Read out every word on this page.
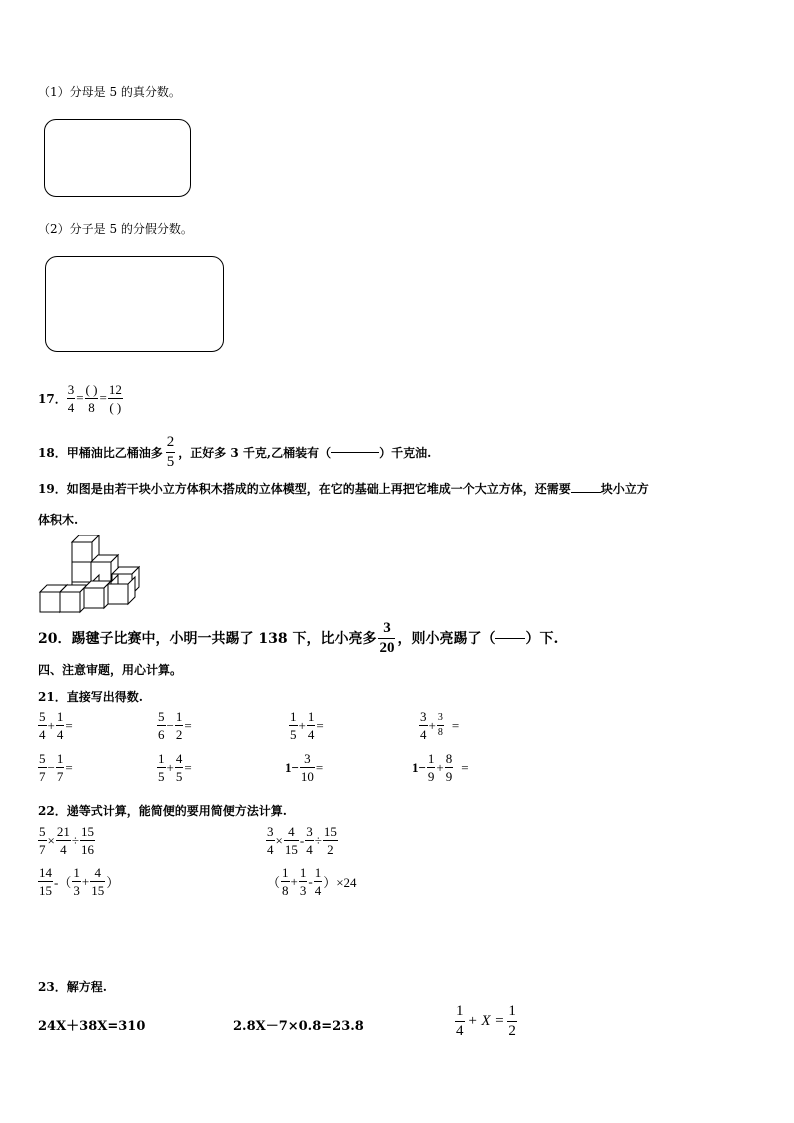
（1）分母是 5 的真分数。
（2）分子是 5 的分假分数。
17． $\frac{3}{4} = \frac{( )}{8} = \frac{12}{( )}$
18． 甲桶油比乙桶油多 $\frac{2}{5}$ ，正好多 3 千克,乙桶装有（	）千克油.
19．如图是由若干块小立方体积木搭成的立体模型，在它的基础上再把它堆成一个大立方体，还需要	块小立方
体积木.
20．踢毽子比赛中，小明一共踢了 138 下，比小亮多 $\frac{3}{20}$ ，则小亮踢了（ ）下.
四、注意审题，用心计算。
21．直接写出得数.
$\frac{5}{4} + \frac{1}{4}$ =	$\frac{5}{6} - \frac{1}{2}$ =	$\frac{1}{5} + \frac{1}{4}$ =	$\frac{3}{4} + \frac{3}{8}$ =
$\frac{5}{7} - \frac{1}{7}$ =	$\frac{1}{5} + \frac{4}{5}$ =	$1- \frac{3}{10}$ =	$1- \frac{1}{9} + \frac{8}{9}$ =
22．递等式计算，能简便的要用简便方法计算.
$\frac{5}{7} \times \frac{21}{4} \div \frac{15}{16}$	$\frac{3}{4} \times \frac{4}{15} - \frac{3}{4} \div \frac{15}{2}$
$\frac{14}{15}$ -（ $\frac{1}{3} + \frac{4}{15}$ ）	（ $\frac{1}{8} + \frac{1}{3} - \frac{1}{4} )\times 24$
23．解方程.
24X＋38X=310	2.8X－7×0.8=23.8	$\frac{1}{4} + X = \frac{1}{2}$
